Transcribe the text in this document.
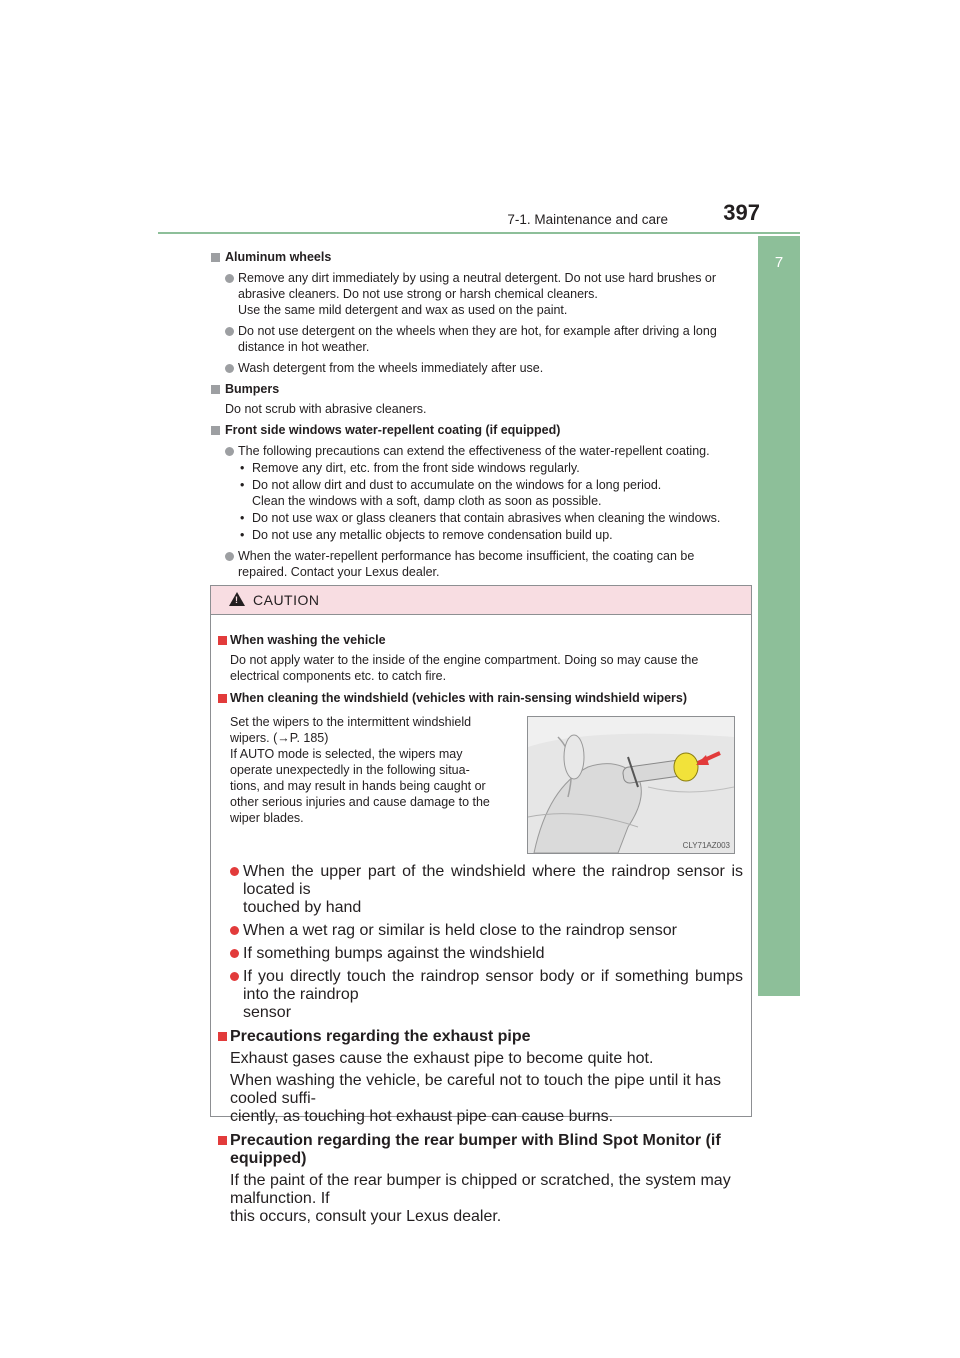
7-1. Maintenance and care	397
7
Maintenance and care
Aluminum wheels
Remove any dirt immediately by using a neutral detergent. Do not use hard brushes or
abrasive cleaners. Do not use strong or harsh chemical cleaners.
Use the same mild detergent and wax as used on the paint.
Do not use detergent on the wheels when they are hot, for example after driving a long
distance in hot weather.
Wash detergent from the wheels immediately after use.
Bumpers
Do not scrub with abrasive cleaners.
Front side windows water-repellent coating (if equipped)
The following precautions can extend the effectiveness of the water-repellent coating.
• Remove any dirt, etc. from the front side windows regularly.
• Do not allow dirt and dust to accumulate on the windows for a long period.
Clean the windows with a soft, damp cloth as soon as possible.
• Do not use wax or glass cleaners that contain abrasives when cleaning the windows.
• Do not use any metallic objects to remove condensation build up.
When the water-repellent performance has become insufficient, the coating can be
repaired. Contact your Lexus dealer.
! CAUTION
When washing the vehicle
Do not apply water to the inside of the engine compartment. Doing so may cause the
electrical components etc. to catch fire.
When cleaning the windshield (vehicles with rain-sensing windshield wipers)
Set the wipers to the intermittent windshield
wipers. (→P. 185)
If AUTO mode is selected, the wipers may
operate unexpectedly in the following situa-
tions, and may result in hands being caught or
other serious injuries and cause damage to the
wiper blades.
CLY71AZ003
When the upper part of the windshield where the raindrop sensor is located is
touched by hand
When a wet rag or similar is held close to the raindrop sensor
If something bumps against the windshield
If you directly touch the raindrop sensor body or if something bumps into the raindrop
sensor
Precautions regarding the exhaust pipe
Exhaust gases cause the exhaust pipe to become quite hot.
When washing the vehicle, be careful not to touch the pipe until it has cooled suffi-
ciently, as touching hot exhaust pipe can cause burns.
Precaution regarding the rear bumper with Blind Spot Monitor (if equipped)
If the paint of the rear bumper is chipped or scratched, the system may malfunction. If
this occurs, consult your Lexus dealer.
